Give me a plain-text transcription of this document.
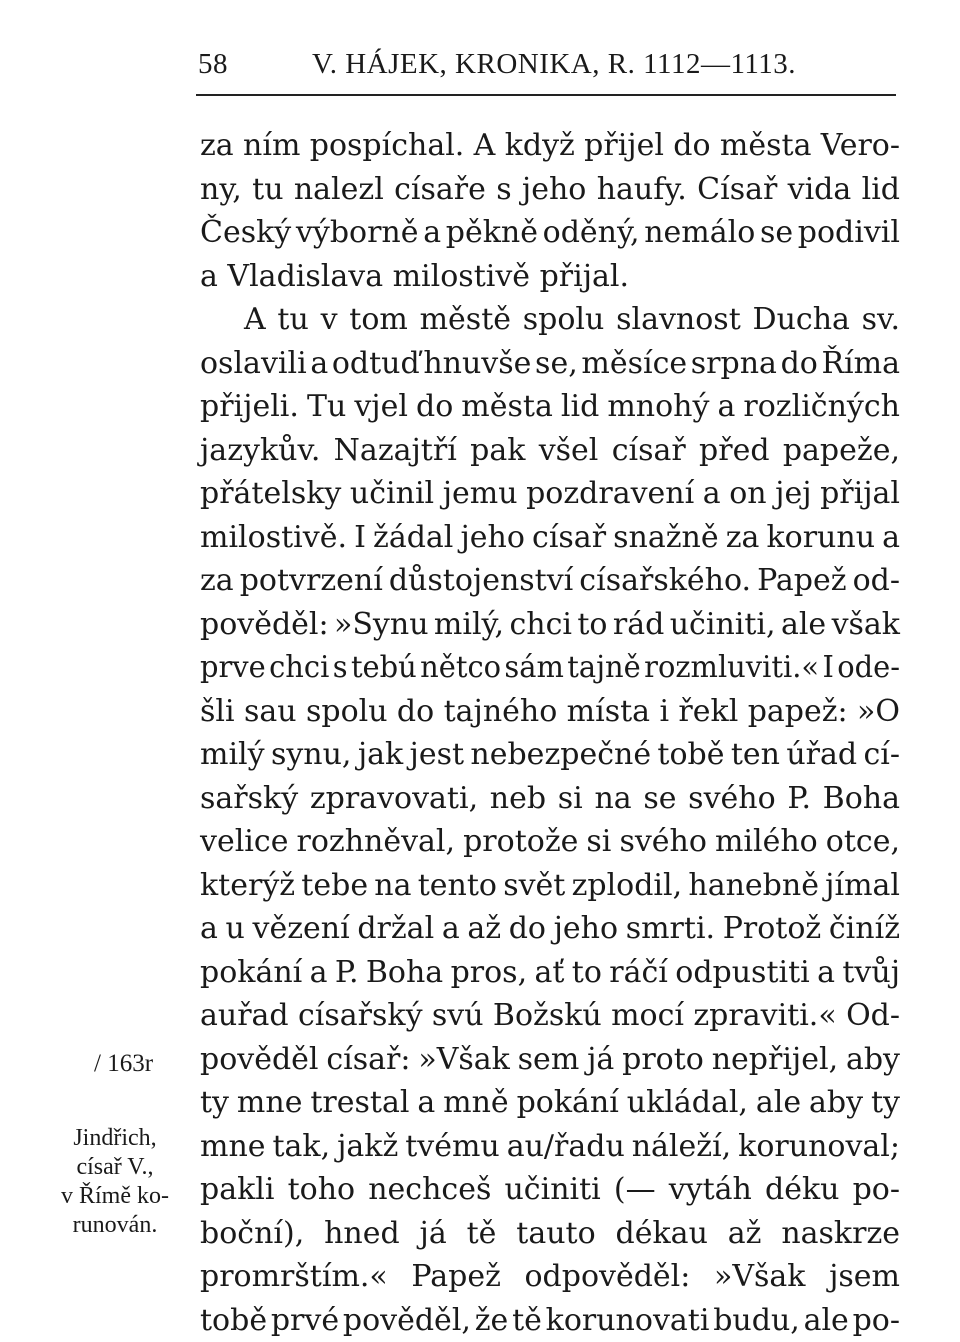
58	V. HÁJEK, KRONIKA, R. 1112—1113.
za ním pospíchal. A když přijel do města Vero-
ny, tu nalezl císaře s jeho haufy. Císař vida lid
Český výborně a pěkně oděný, nemálo se podivil
a Vladislava milostivě přijal.
A tu v tom městě spolu slavnost Ducha sv.
oslavili a odtuď hnuvše se, měsíce srpna do Říma
přijeli. Tu vjel do města lid mnohý a rozličných
jazykův. Nazajtří pak všel císař před papeže,
přátelsky učinil jemu pozdravení a on jej přijal
milostivě. I žádal jeho císař snažně za korunu a
za potvrzení důstojenství císařského. Papež od-
pověděl: »Synu milý, chci to rád učiniti, ale však
prve chci s tebú nětco sám tajně rozmluviti.« I ode-
šli sau spolu do tajného místa i řekl papež: »O
milý synu, jak jest nebezpečné tobě ten úřad cí-
sařský zpravovati, neb si na se svého P. Boha
velice rozhněval, protože si svého milého otce,
kterýž tebe na tento svět zplodil, hanebně jímal
a u vězení držal a až do jeho smrti. Protož činíž
pokání a P. Boha pros, ať to ráčí odpustiti a tvůj
auřad císařský svú Božskú mocí zpraviti.« Od-
pověděl císař: »Však sem já proto nepřijel, aby
ty mne trestal a mně pokání ukládal, ale aby ty
mne tak, jakž tvému au/řadu náleží, korunoval;
pakli toho nechceš učiniti (— vytáh déku po-
boční), hned já tě tauto dékau až naskrze
promrštím.« Papež odpověděl: »Však jsem
tobě prvé pověděl, že tě korunovati budu, ale po-
/ 163r
Jindřich,
císař V.,
v Římě ko-
runován.
